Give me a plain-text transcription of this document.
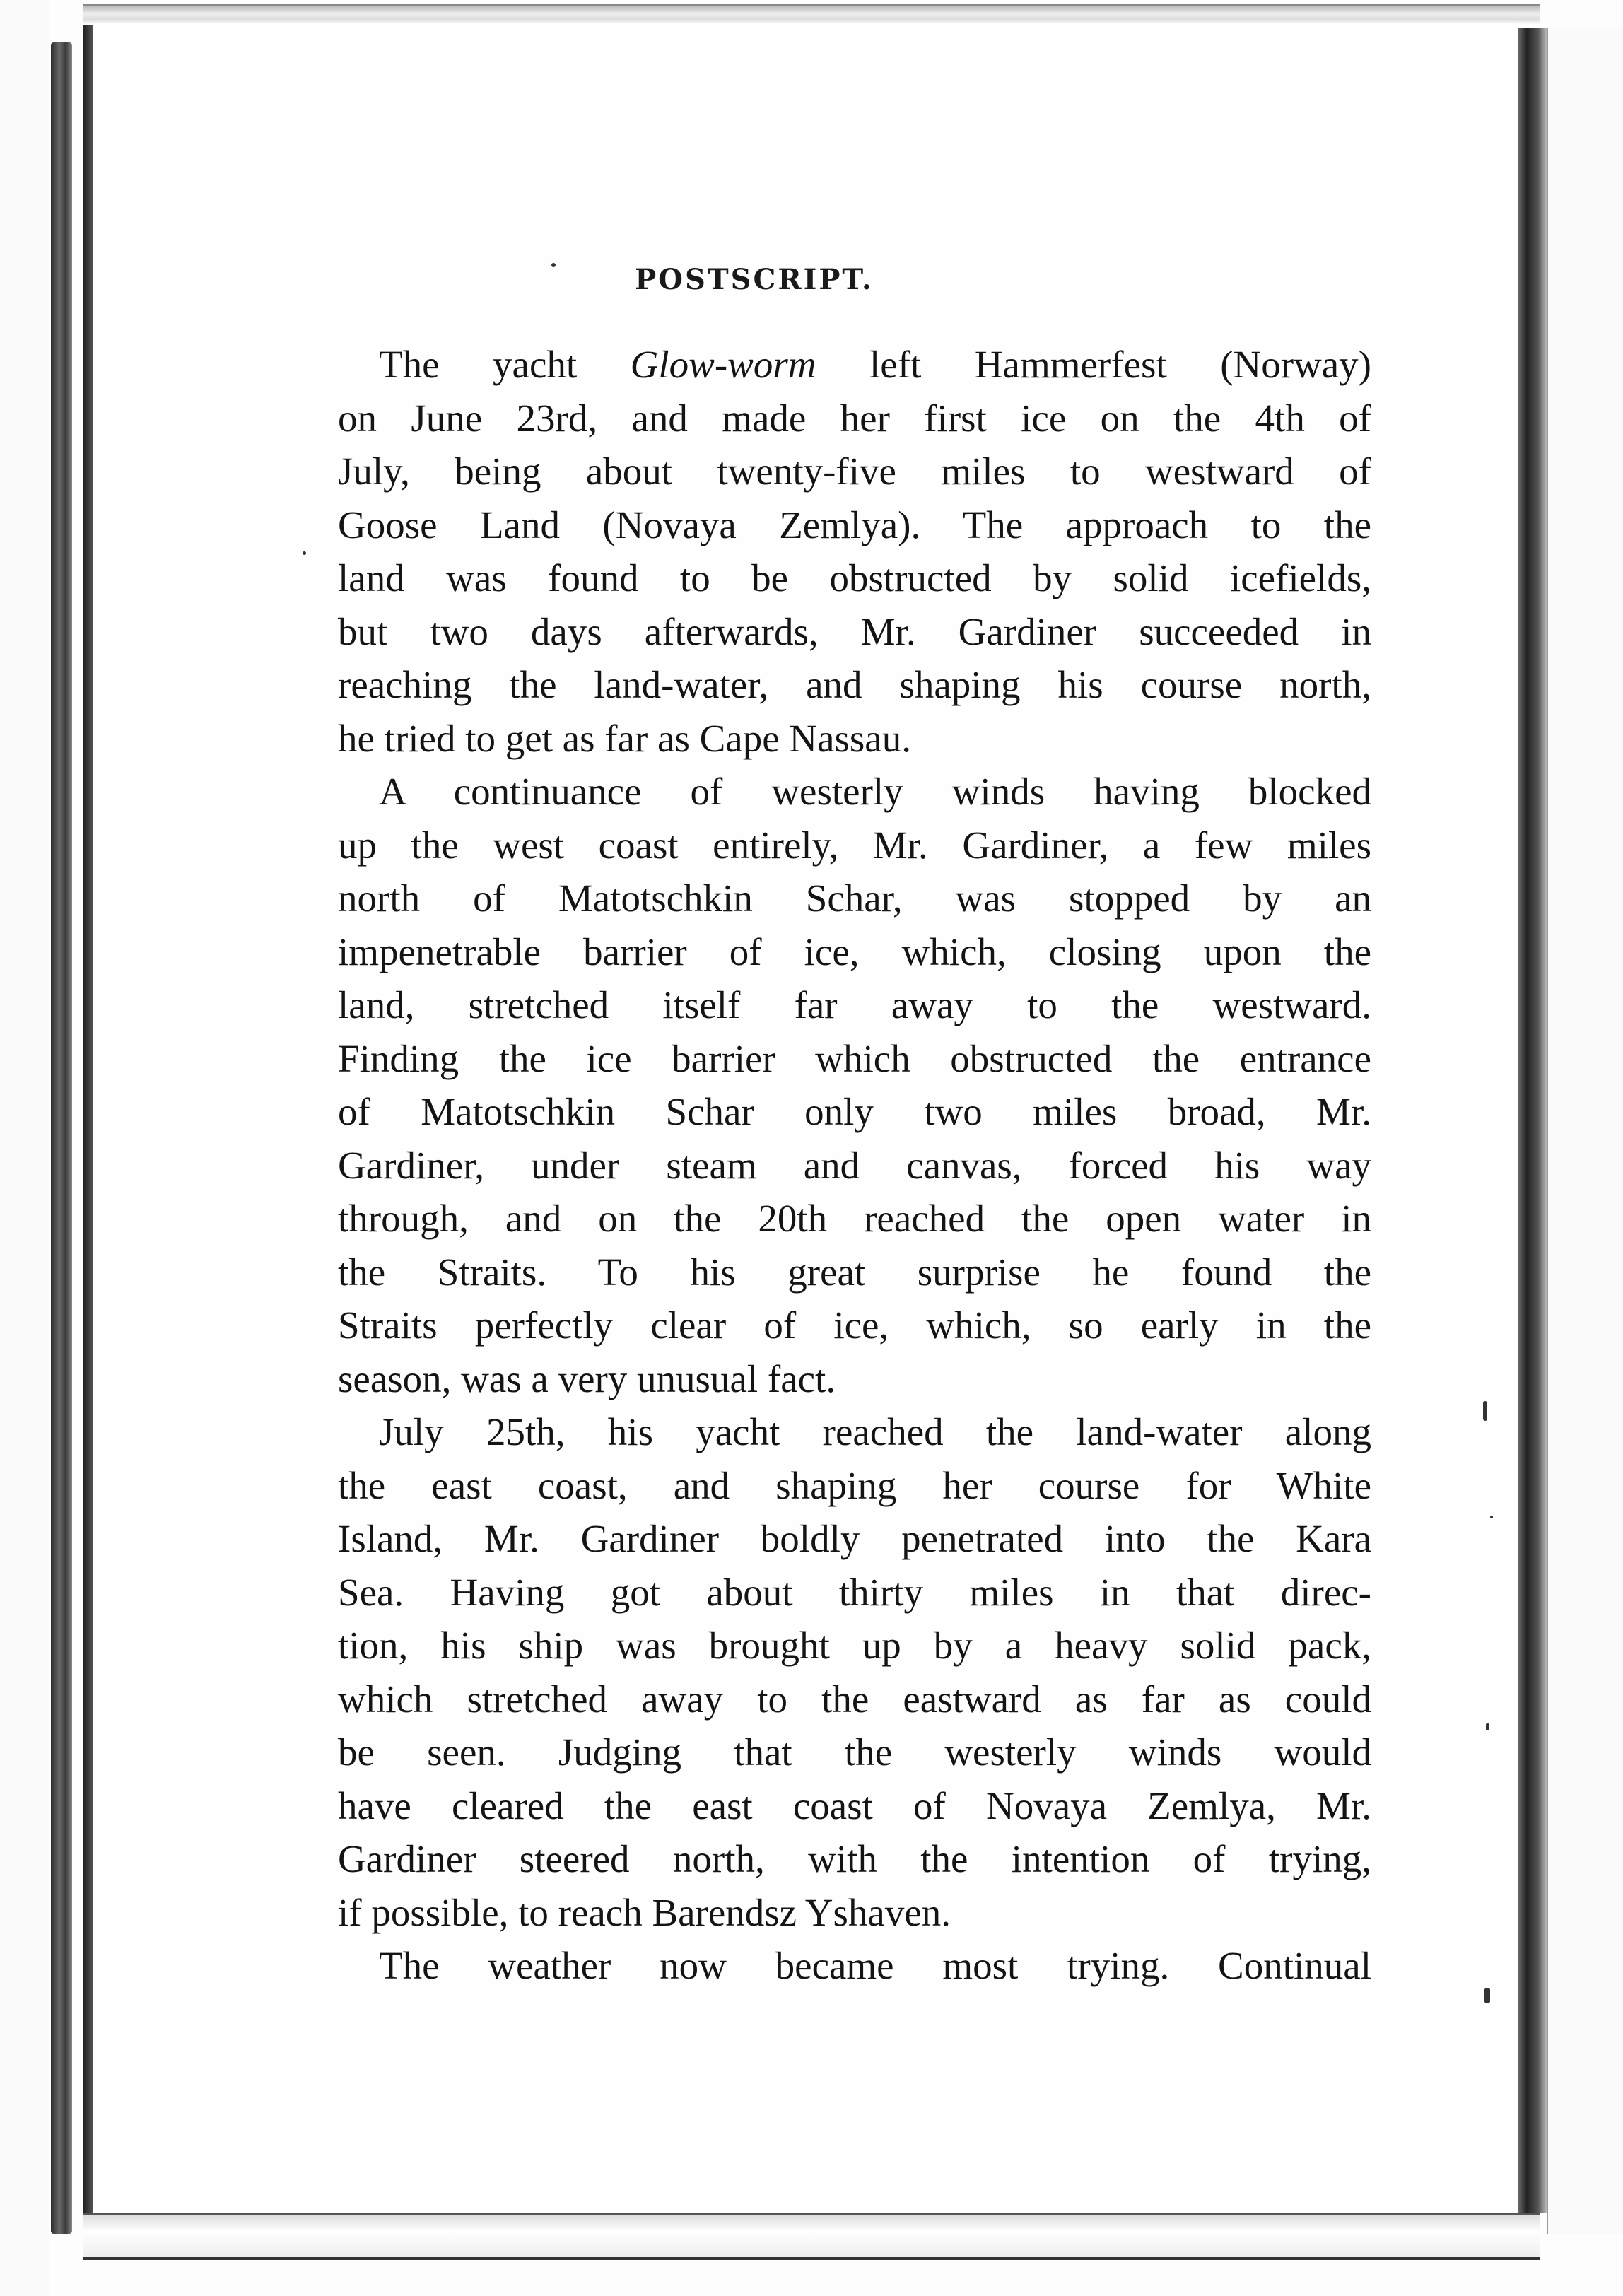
POSTSCRIPT.
The yacht Glow-worm left Hammerfest (Norway)
on June 23rd, and made her first ice on the 4th of
July, being about twenty-five miles to westward of
Goose Land (Novaya Zemlya). The approach to the
land was found to be obstructed by solid icefields,
but two days afterwards, Mr. Gardiner succeeded in
reaching the land-water, and shaping his course north,
he tried to get as far as Cape Nassau.
A continuance of westerly winds having blocked
up the west coast entirely, Mr. Gardiner, a few miles
north of Matotschkin Schar, was stopped by an
impenetrable barrier of ice, which, closing upon the
land, stretched itself far away to the westward.
Finding the ice barrier which obstructed the entrance
of Matotschkin Schar only two miles broad, Mr.
Gardiner, under steam and canvas, forced his way
through, and on the 20th reached the open water in
the Straits. To his great surprise he found the
Straits perfectly clear of ice, which, so early in the
season, was a very unusual fact.
July 25th, his yacht reached the land-water along
the east coast, and shaping her course for White
Island, Mr. Gardiner boldly penetrated into the Kara
Sea. Having got about thirty miles in that direc-
tion, his ship was brought up by a heavy solid pack,
which stretched away to the eastward as far as could
be seen. Judging that the westerly winds would
have cleared the east coast of Novaya Zemlya, Mr.
Gardiner steered north, with the intention of trying,
if possible, to reach Barendsz Yshaven.
The weather now became most trying. Continual
